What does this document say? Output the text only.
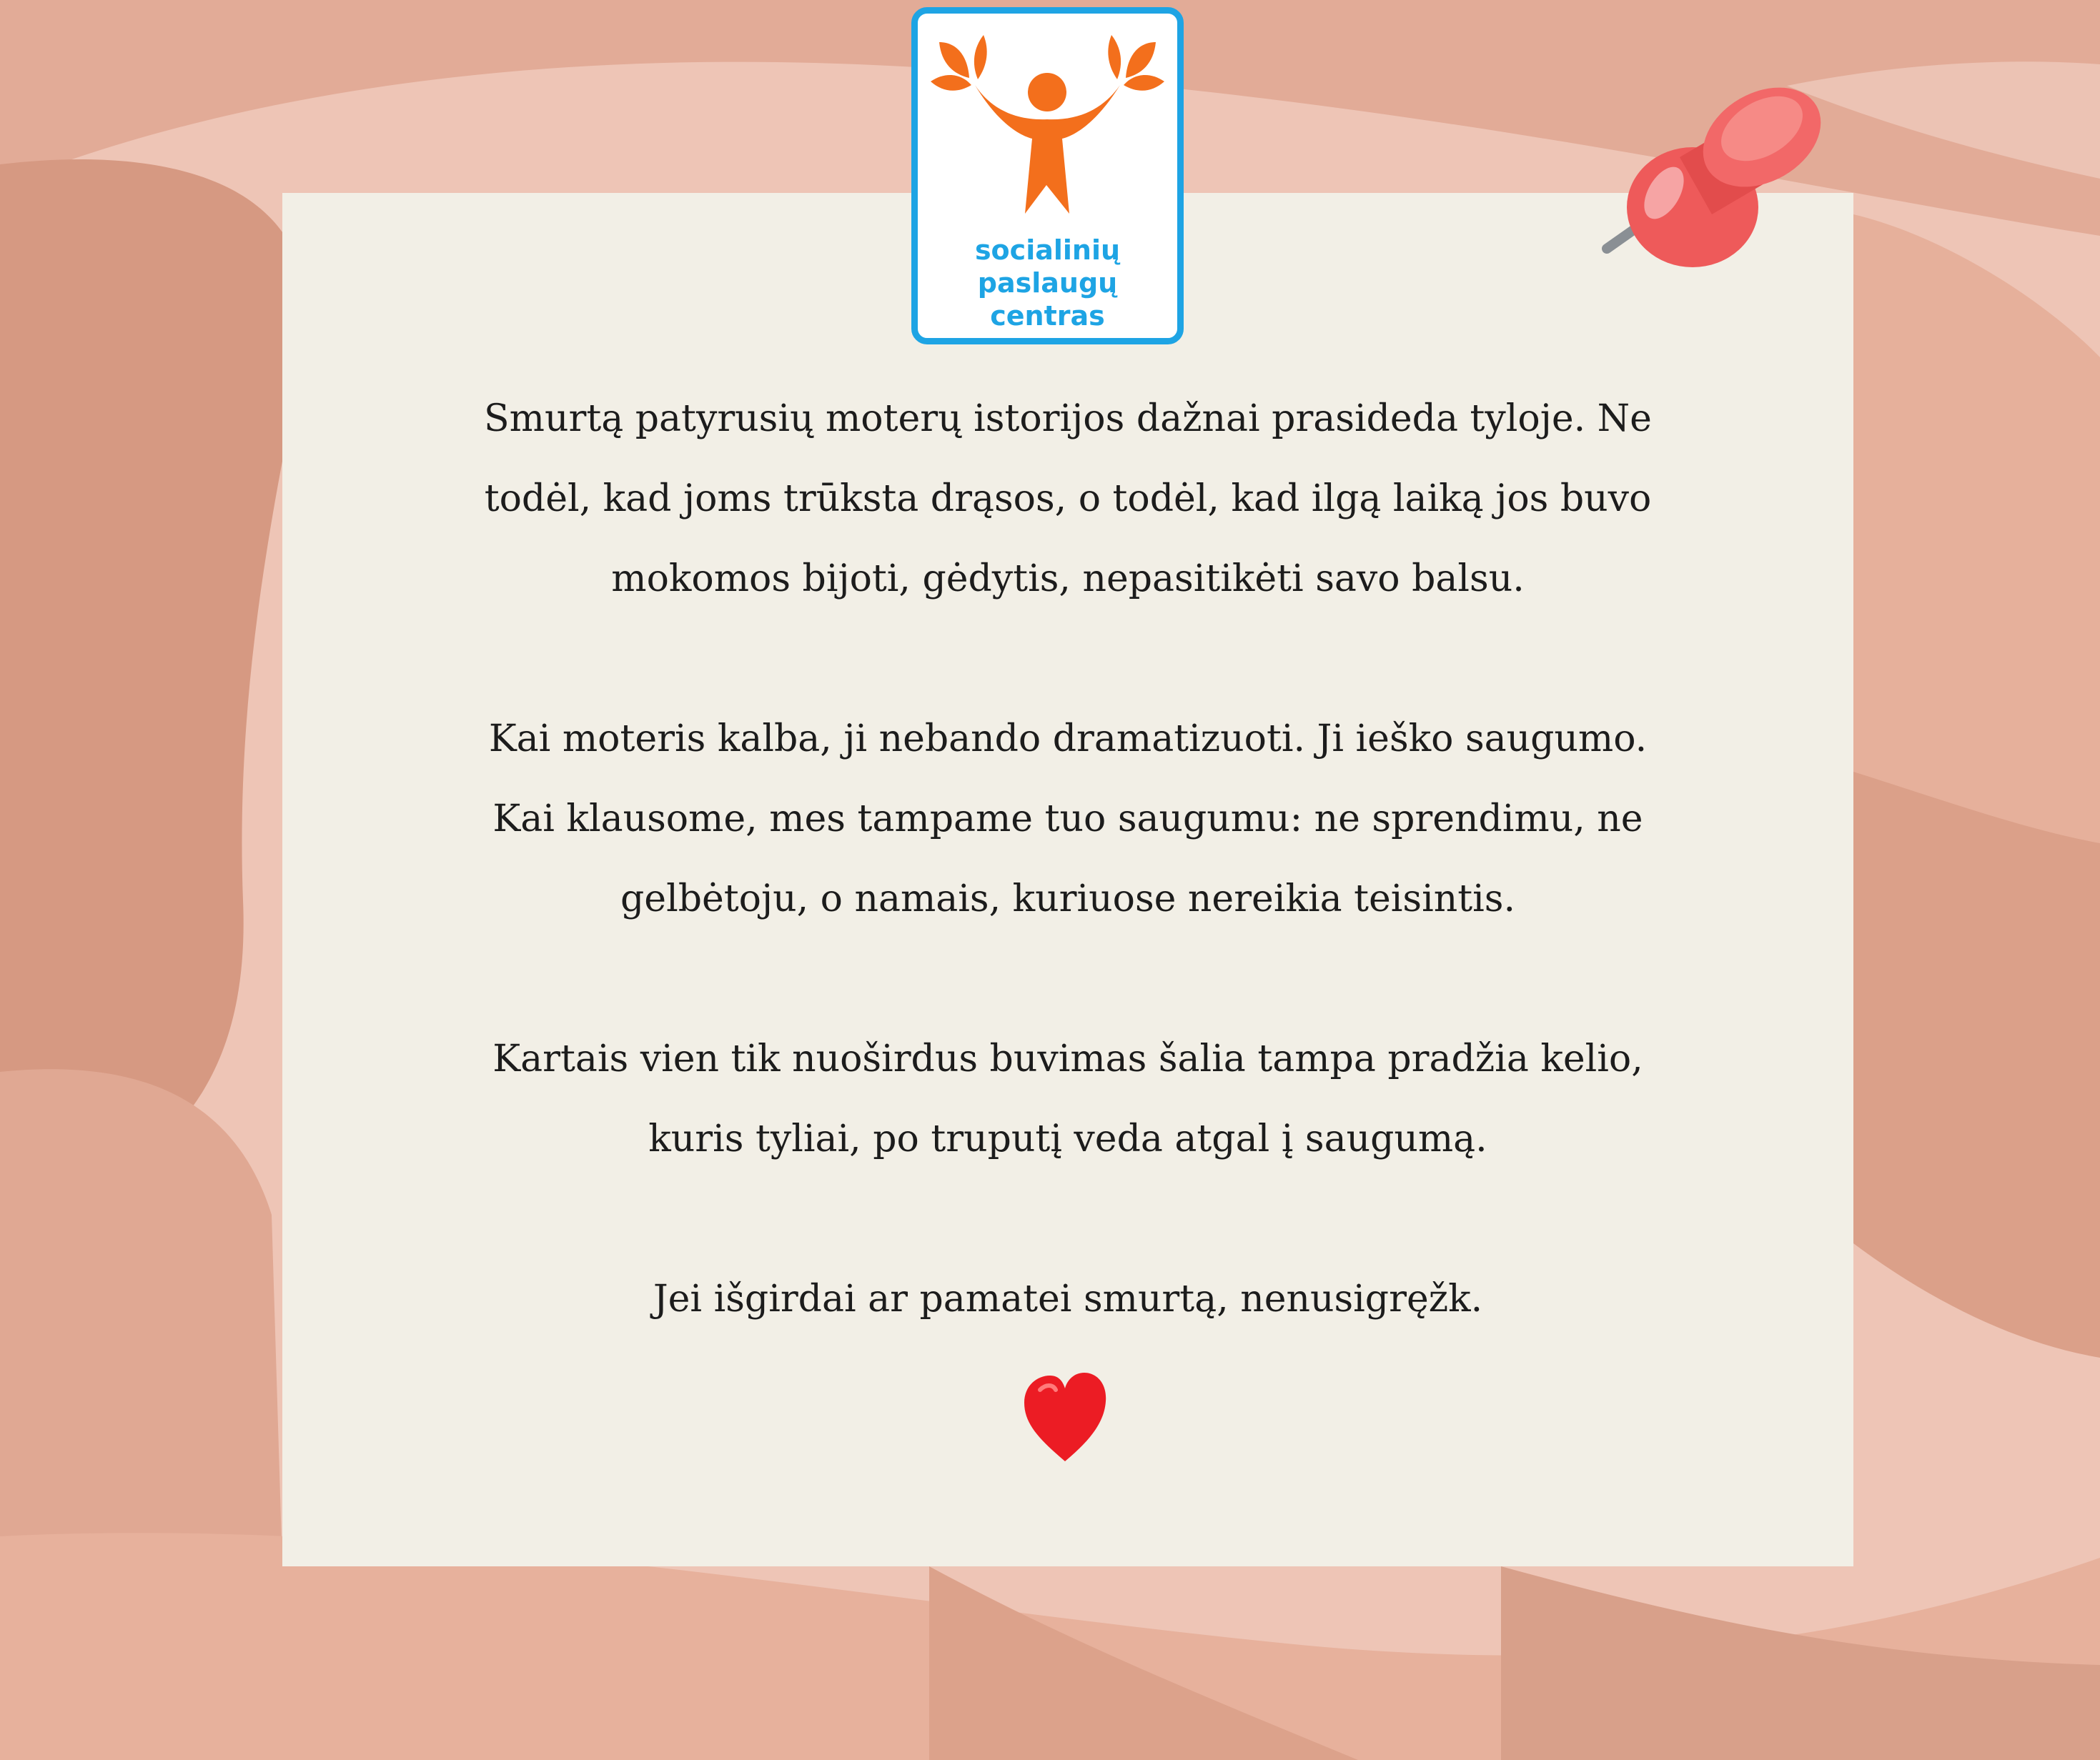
socialinių
paslaugų
centras
Smurtą patyrusių moterų istorijos dažnai prasideda tyloje. Ne
todėl, kad joms trūksta drąsos, o todėl, kad ilgą laiką jos buvo
mokomos bijoti, gėdytis, nepasitikėti savo balsu.
Kai moteris kalba, ji nebando dramatizuoti. Ji ieško saugumo.
Kai klausome, mes tampame tuo saugumu: ne sprendimu, ne
gelbėtoju, o namais, kuriuose nereikia teisintis.
Kartais vien tik nuoširdus buvimas šalia tampa pradžia kelio,
kuris tyliai, po truputį veda atgal į saugumą.
Jei išgirdai ar pamatei smurtą, nenusigręžk.
